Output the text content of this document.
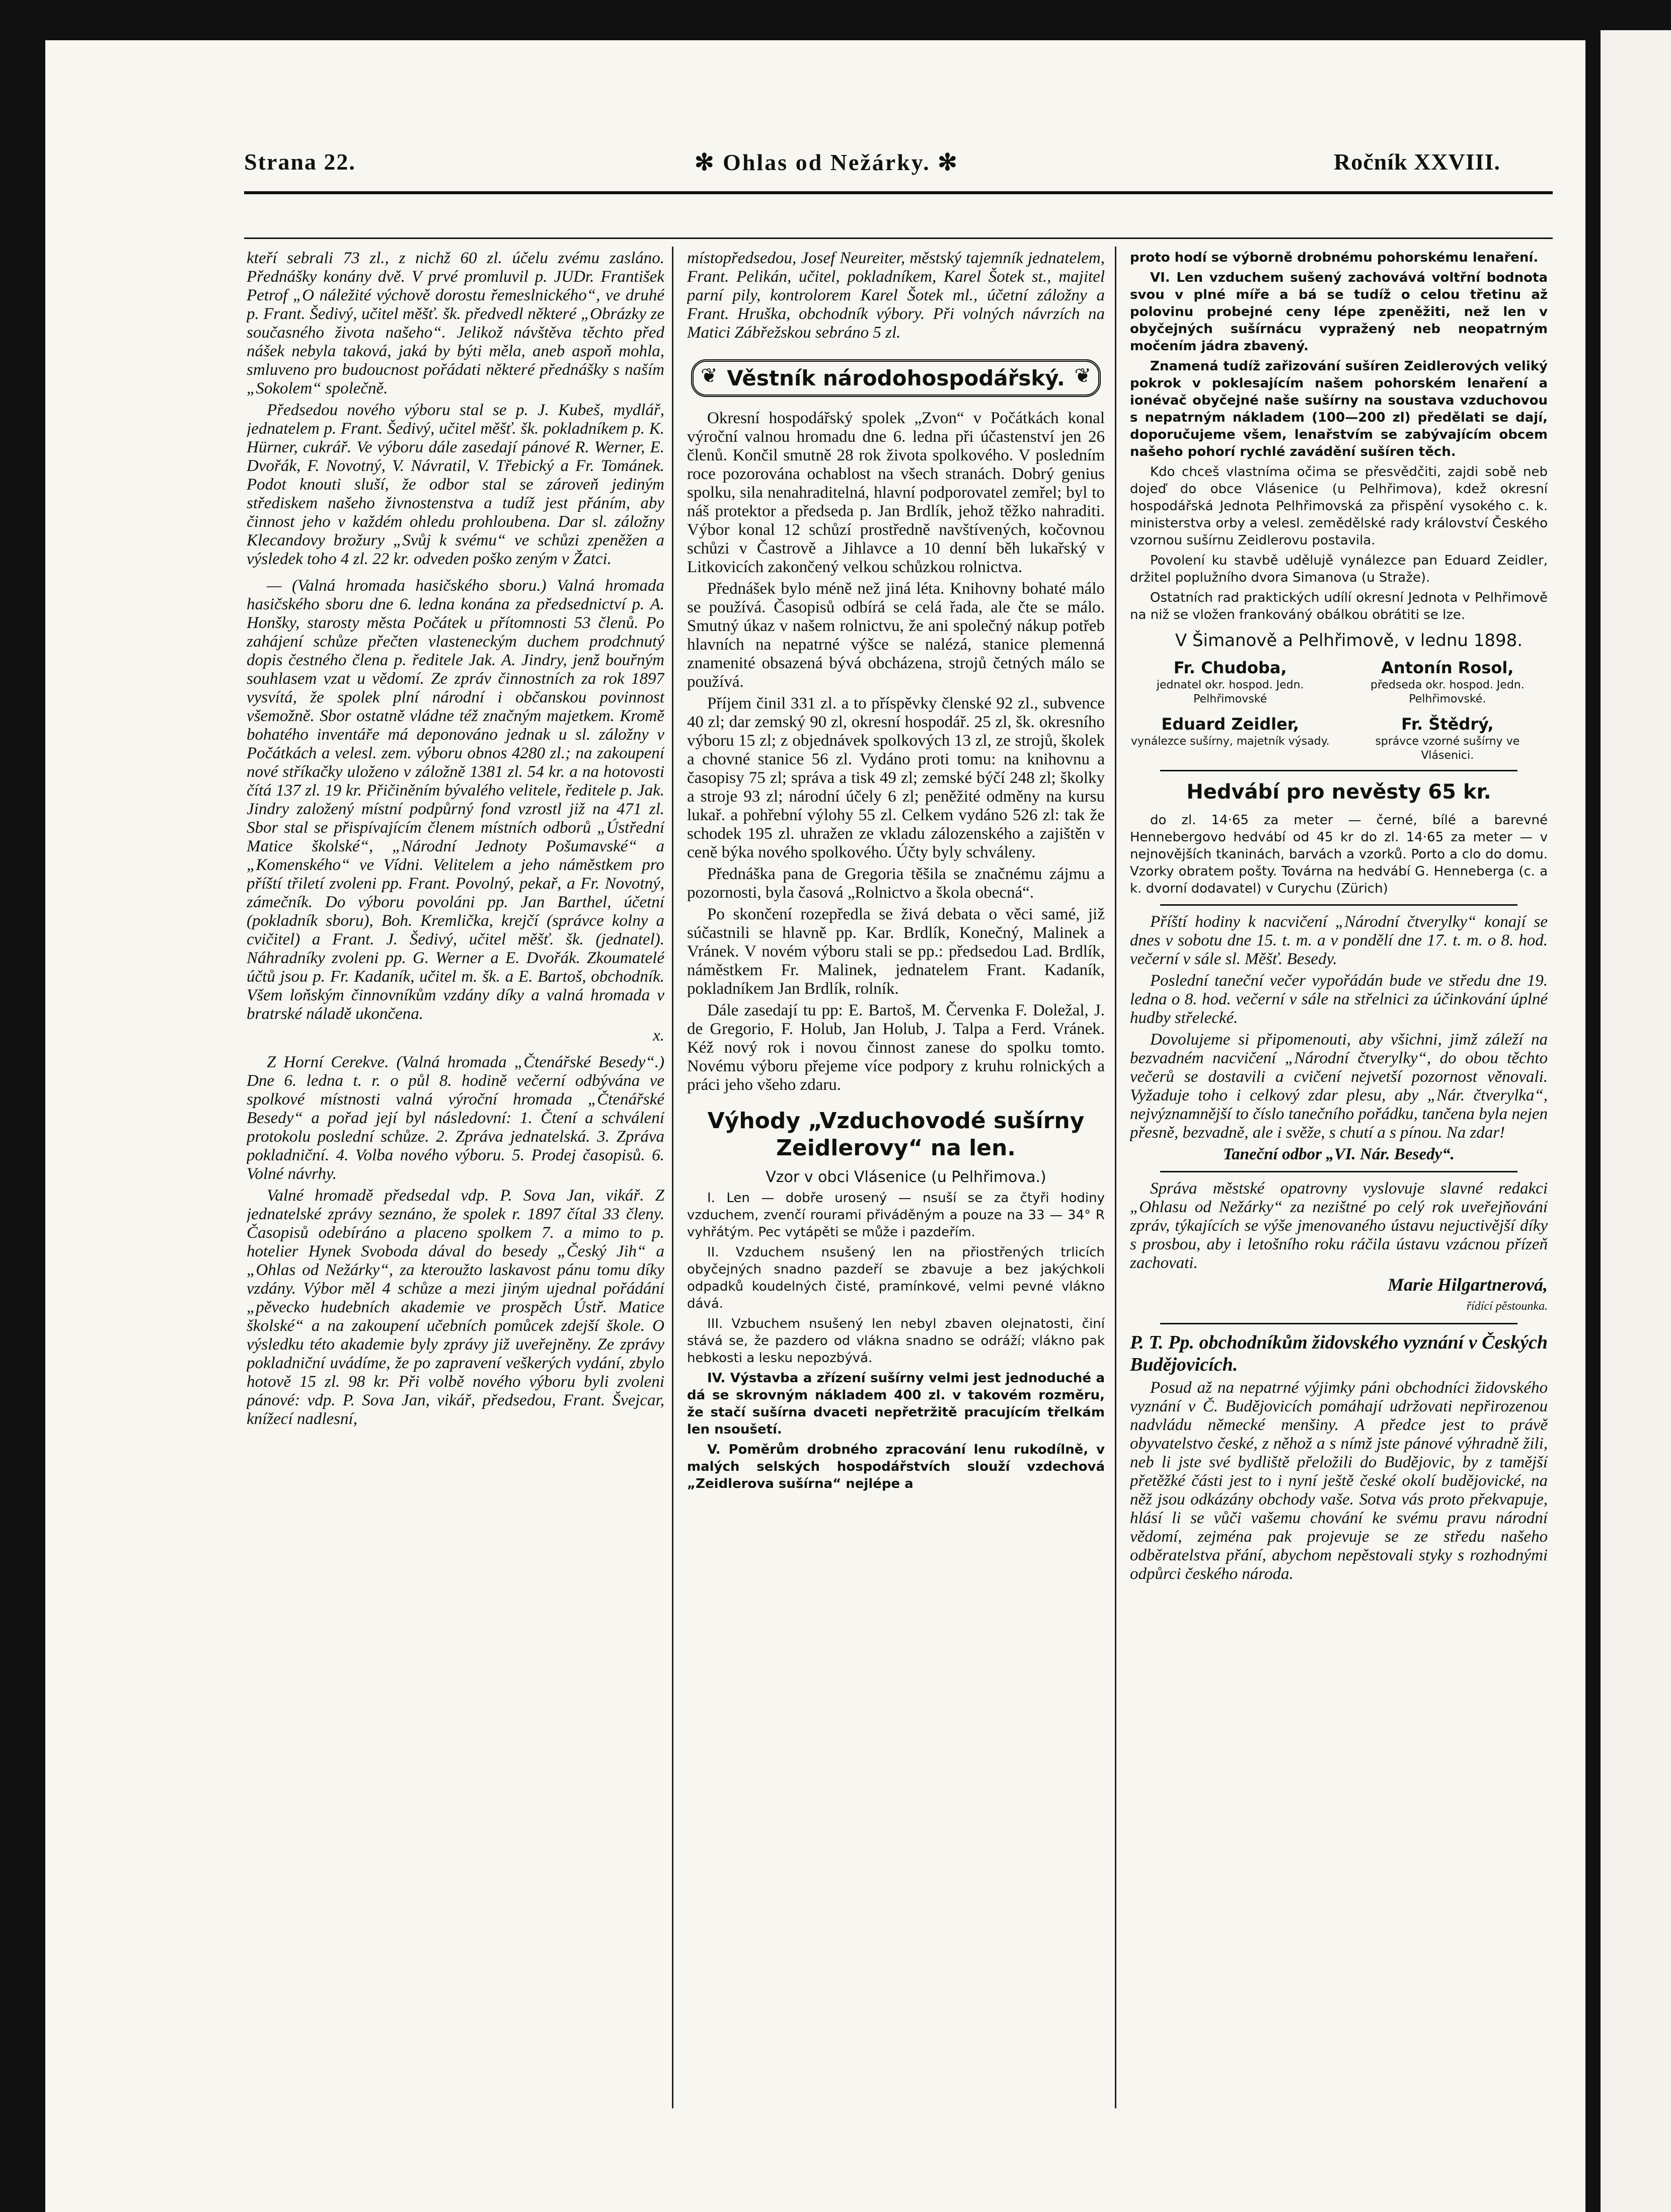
Strana 22.	✻ Ohlas od Nežárky. ✻	Ročník XXVIII.

kteří sebrali 73 zl., z nichž 60 zl. účelu zvému zasláno. Přednášky konány dvě. V prvé promluvil p. JUDr. František Petrof „O náležité výchově dorostu řemeslnického“, ve druhé p. Frant. Šedivý, učitel měšť. šk. předvedl některé „Obrázky ze současného života našeho“. Jelikož návštěva těchto před nášek nebyla taková, jaká by býti měla, aneb aspoň mohla, smluveno pro budoucnost pořádati některé přednášky s naším „Sokolem“ společně.

Předsedou nového výboru stal se p. J. Kubeš, mydlář, jednatelem p. Frant. Šedivý, učitel měšť. šk. pokladníkem p. K. Hürner, cukrář. Ve výboru dále zasedají pánové R. Werner, E. Dvořák, F. Novotný, V. Návratil, V. Třebický a Fr. Tománek. Podot knouti sluší, že odbor stal se zároveň jediným střediskem našeho živnostenstva a tudíž jest přáním, aby činnost jeho v každém ohledu prohloubena. Dar sl. záložny Klecandovy brožury „Svůj k svému“ ve schůzi zpeněžen a výsledek toho 4 zl. 22 kr. odveden poško zeným v Žatci.

— (Valná hromada hasičského sboru.) Valná hromada hasičského sboru dne 6. ledna konána za předsednictví p. A. Honšky, starosty města Počátek u přítomnosti 53 členů. Po zahájení schůze přečten vlasteneckým duchem prodchnutý dopis čestného člena p. ředitele Jak. A. Jindry, jenž bouřným souhlasem vzat u vědomí. Ze zpráv činnostních za rok 1897 vysvítá, že spolek plní národní i občanskou povinnost všemožně. Sbor ostatně vládne též značným majetkem. Kromě bohatého inventáře má deponováno jednak u sl. záložny v Počátkách a velesl. zem. výboru obnos 4280 zl.; na zakoupení nové stříkačky uloženo v záložně 1381 zl. 54 kr. a na hotovosti čítá 137 zl. 19 kr. Přičiněním bývalého velitele, ředitele p. Jak. Jindry založený místní podpůrný fond vzrostl již na 471 zl. Sbor stal se přispívajícím členem místních odborů „Ústřední Matice školské“, „Národní Jednoty Pošumavské“ a „Komenského“ ve Vídni. Velitelem a jeho náměstkem pro příští třiletí zvoleni pp. Frant. Povolný, pekař, a Fr. Novotný, zámečník. Do výboru povoláni pp. Jan Barthel, účetní (pokladník sboru), Boh. Kremlička, krejčí (správce kolny a cvičitel) a Frant. J. Šedivý, učitel měšť. šk. (jednatel). Náhradníky zvoleni pp. G. Werner a E. Dvořák. Zkoumatelé účtů jsou p. Fr. Kadaník, učitel m. šk. a E. Bartoš, obchodník. Všem loňským činnovníkům vzdány díky a valná hromada v bratrské náladě ukončena.

x.

Z Horní Cerekve. (Valná hromada „Čtenářské Besedy“.) Dne 6. ledna t. r. o půl 8. hodině večerní odbývána ve spolkové místnosti valná výroční hromada „Čtenářské Besedy“ a pořad její byl následovní: 1. Čtení a schválení protokolu poslední schůze. 2. Zpráva jednatelská. 3. Zpráva pokladniční. 4. Volba nového výboru. 5. Prodej časopisů. 6. Volné návrhy.

Valné hromadě předsedal vdp. P. Sova Jan, vikář. Z jednatelské zprávy seznáno, že spolek r. 1897 čítal 33 členy. Časopisů odebíráno a placeno spolkem 7. a mimo to p. hotelier Hynek Svoboda dával do besedy „Český Jih“ a „Ohlas od Nežárky“, za kteroužto laskavost pánu tomu díky vzdány. Výbor měl 4 schůze a mezi jiným ujednal pořádání „pěvecko hudebních akademie ve prospěch Ústř. Matice školské“ a na zakoupení učebních pomůcek zdejší škole. O výsledku této akademie byly zprávy již uveřejněny. Ze zprávy pokladniční uvádíme, že po zapravení veškerých vydání, zbylo hotově 15 zl. 98 kr. Při volbě nového výboru byli zvoleni pánové: vdp. P. Sova Jan, vikář, předsedou, Frant. Švejcar, knížecí nadlesní,

místopředsedou, Josef Neureiter, městský tajemník jednatelem, Frant. Pelikán, učitel, pokladníkem, Karel Šotek st., majitel parní pily, kontrolorem Karel Šotek ml., účetní záložny a Frant. Hruška, obchodník výbory. Při volných návrzích na Matici Zábřežskou sebráno 5 zl.

❦ Věstník národohospodářský. ❦

Okresní hospodářský spolek „Zvon“ v Počátkách konal výroční valnou hromadu dne 6. ledna při účastenství jen 26 členů. Končil smutně 28 rok života spolkového. V posledním roce pozorována ochablost na všech stranách. Dobrý genius spolku, sila nenahraditelná, hlavní podporovatel zemřel; byl to náš protektor a předseda p. Jan Brdlík, jehož těžko nahraditi. Výbor konal 12 schůzí prostředně navštívených, kočovnou schůzi v Častrově a Jihlavce a 10 denní běh lukařský v Litkovicích zakončený velkou schůzkou rolnictva.

Přednášek bylo méně než jiná léta. Knihovny bohaté málo se používá. Časopisů odbírá se celá řada, ale čte se málo. Smutný úkaz v našem rolnictvu, že ani společný nákup potřeb hlavních na nepatrné výšce se nalézá, stanice plemenná znamenité obsazená bývá obcházena, strojů četných málo se používá.

Příjem činil 331 zl. a to příspěvky členské 92 zl., subvence 40 zl; dar zemský 90 zl, okresní hospodář. 25 zl, šk. okresního výboru 15 zl; z objednávek spolkových 13 zl, ze strojů, školek a chovné stanice 56 zl. Vydáno proti tomu: na knihovnu a časopisy 75 zl; správa a tisk 49 zl; zemské býčí 248 zl; školky a stroje 93 zl; národní účely 6 zl; peněžité odměny na kursu lukař. a pohřební výlohy 55 zl. Celkem vydáno 526 zl: tak že schodek 195 zl. uhražen ze vkladu zálozenského a zajištěn v ceně býka nového spolkového. Účty byly schváleny.

Přednáška pana de Gregoria těšila se značnému zájmu a pozornosti, byla časová „Rolnictvo a škola obecná“.

Po skončení rozepředla se živá debata o věci samé, již súčastnili se hlavně pp. Kar. Brdlík, Konečný, Malinek a Vránek. V novém výboru stali se pp.: předsedou Lad. Brdlík, náměstkem Fr. Malinek, jednatelem Frant. Kadaník, pokladníkem Jan Brdlík, rolník.

Dále zasedají tu pp: E. Bartoš, M. Červenka F. Doležal, J. de Gregorio, F. Holub, Jan Holub, J. Talpa a Ferd. Vránek. Kéž nový rok i novou činnost zanese do spolku tomto. Novému výboru přejeme více podpory z kruhu rolnických a práci jeho všeho zdaru.

Výhody „Vzduchovodé sušírny Zeidlerovy“ na len.

Vzor v obci Vlásenice (u Pelhřimova.)

I. Len — dobře urosený — nsuší se za čtyři hodiny vzduchem, zvenčí rourami přiváděným a pouze na 33 — 34° R vyhřátým. Pec vytápěti se může i pazdeřím.

II. Vzduchem nsušený len na přiostřených trlicích obyčejných snadno pazdeří se zbavuje a bez jakýchkoli odpadků koudelných čisté, pramínkové, velmi pevné vlákno dává.

III. Vzbuchem nsušený len nebyl zbaven olejnatosti, činí stává se, že pazdero od vlákna snadno se odráží; vlákno pak hebkosti a lesku nepozbývá.

IV. Výstavba a zřízení sušírny velmi jest jednoduché a dá se skrovným nákladem 400 zl. v takovém rozměru, že stačí sušírna dvaceti nepřetržitě pracujícím třelkám len nsoušetí.

V. Poměrům drobného zpracování lenu rukodílně, v malých selských hospodářstvích slouží vzdechová „Zeidlerova sušírna“ nejlépe a

proto hodí se výborně drobnému pohorskému lenaření.

VI. Len vzduchem sušený zachovává voltřní bodnota svou v plné míře a bá se tudíž o celou třetinu až polovinu probejné ceny lépe zpeněžiti, než len v obyčejných sušírnácu vypražený neb neopatrným močením jádra zbavený.

Znamená tudíž zařizování sušíren Zeidlerových veliký pokrok v poklesajícím našem pohorském lenaření a ionévač obyčejné naše sušírny na soustava vzduchovou s nepatrným nákladem (100—200 zl) předělati se dají, doporučujeme všem, lenařstvím se zabývajícím obcem našeho pohorí rychlé zavádění sušíren těch.

Kdo chceš vlastníma očima se přesvědčiti, zajdi sobě neb dojeď do obce Vlásenice (u Pelhřimova), kdež okresní hospodářská Jednota Pelhřimovská za přispění vysokého c. k. ministerstva orby a velesl. zemědělské rady království Českého vzornou sušírnu Zeidlerovu postavila.

Povolení ku stavbě udělujě vynálezce pan Eduard Zeidler, držitel poplužního dvora Simanova (u Straže).

Ostatních rad praktických udílí okresní Jednota v Pelhřimově na niž se vložen frankováný obálkou obrátiti se lze.

V Šimanově a Pelhřimově, v lednu 1898.

Fr. Chudoba,
jednatel okr. hospod. Jedn. Pelhřimovské
Antonín Rosol,
předseda okr. hospod. Jedn. Pelhřimovské.
Eduard Zeidler,
vynálezce sušírny, majetník výsady.
Fr. Štědrý,
správce vzorné sušírny ve Vlásenici.
Hedvábí pro nevěsty 65 kr.

do zl. 14·65 za meter — černé, bílé a barevné Hennebergovo hedvábí od 45 kr do zl. 14·65 za meter — v nejnovějších tkaninách, barvách a vzorků. Porto a clo do domu. Vzorky obratem pošty. Továrna na hedvábí G. Henneberga (c. a k. dvorní dodavatel) v Curychu (Zürich)

Příští hodiny k nacvičení „Národní čtverylky“ konají se dnes v sobotu dne 15. t. m. a v pondělí dne 17. t. m. o 8. hod. večerní v sále sl. Měšť. Besedy.

Poslední taneční večer vypořádán bude ve středu dne 19. ledna o 8. hod. večerní v sále na střelnici za účinkování úplné hudby střelecké.

Dovolujeme si připomenouti, aby všichni, jimž záleží na bezvadném nacvičení „Národní čtverylky“, do obou těchto večerů se dostavili a cvičení nejvetší pozornost věnovali. Vyžaduje toho i celkový zdar plesu, aby „Nár. čtverylka“, nejvýznamnější to číslo tanečního pořádku, tančena byla nejen přesně, bezvadně, ale i svěže, s chutí a s pínou. Na zdar!

Taneční odbor „VI. Nár. Besedy“.

Správa městské opatrovny vyslovuje slavné redakci „Ohlasu od Nežárky“ za nezištné po celý rok uveřejňování zpráv, týkajících se výše jmenovaného ústavu nejuctivější díky s prosbou, aby i letošního roku ráčila ústavu vzácnou přízeň zachovati.

Marie Hilgartnerová,

řídící pěstounka.

P. T. Pp. obchodníkům židovského vyznání v Českých Budějovicích.

Posud až na nepatrné výjimky páni obchodníci židovského vyznání v Č. Budějovicích pomáhají udržovati nepřirozenou nadvládu německé menšiny. A předce jest to právě obyvatelstvo české, z něhož a s nímž jste pánové výhradně žili, neb li jste své bydliště přeložili do Budějovic, by z tamější přetěžké části jest to i nyní ještě české okolí budějovické, na něž jsou odkázány obchody vaše. Sotva vás proto překvapuje, hlásí li se vůči vašemu chování ke svému pravu národní vědomí, zejména pak projevuje se ze středu našeho odběratelstva přání, abychom nepěstovali styky s rozhodnými odpůrci českého národa.
